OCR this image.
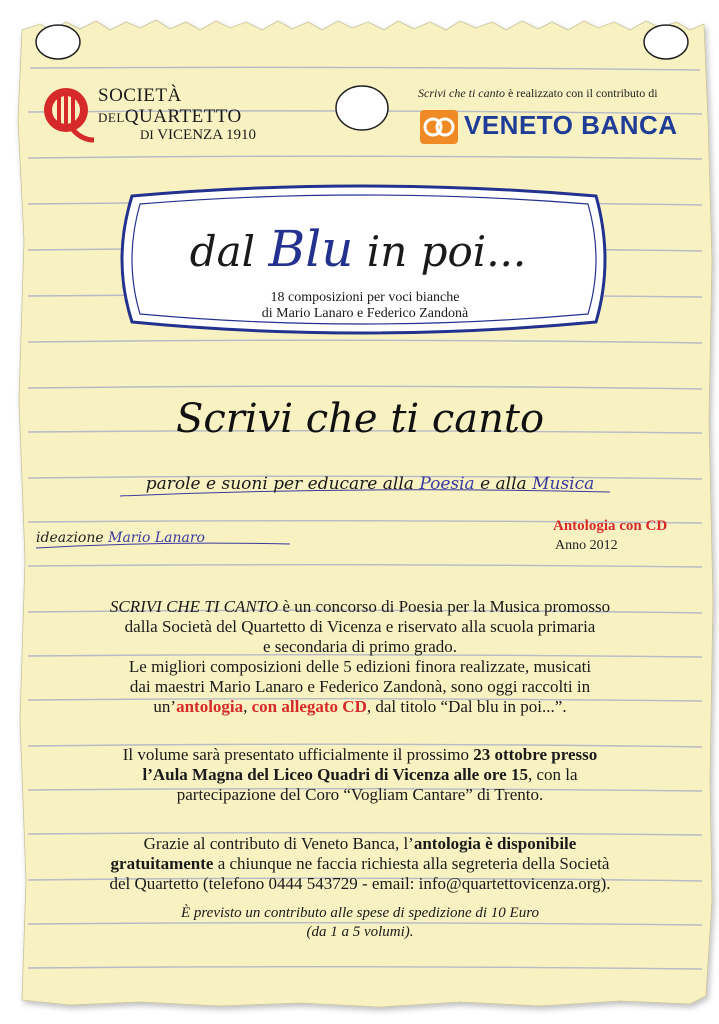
SOCIETÀ
DELQUARTETTO
DI VICENZA 1910
Scrivi che ti canto è realizzato con il contributo di
VENETO BANCA
dal Blu in poi...
18 composizioni per voci bianche
di Mario Lanaro e Federico Zandonà
Scrivi che ti canto
parole e suoni per educare alla Poesia e alla Musica
ideazione Mario Lanaro
Antologia con CD
Anno 2012
SCRIVI CHE TI CANTO è un concorso di Poesia per la Musica promosso
dalla Società del Quartetto di Vicenza e riservato alla scuola primaria
e secondaria di primo grado.
Le migliori composizioni delle 5 edizioni finora realizzate, musicati
dai maestri Mario Lanaro e Federico Zandonà, sono oggi raccolti in
un’antologia, con allegato CD, dal titolo “Dal blu in poi...”.
Il volume sarà presentato ufficialmente il prossimo 23 ottobre presso
l’Aula Magna del Liceo Quadri di Vicenza alle ore 15, con la
partecipazione del Coro “Vogliam Cantare” di Trento.
Grazie al contributo di Veneto Banca, l’antologia è disponibile
gratuitamente a chiunque ne faccia richiesta alla segreteria della Società
del Quartetto (telefono 0444 543729 - email: info@quartettovicenza.org).
È previsto un contributo alle spese di spedizione di 10 Euro
(da 1 a 5 volumi).
